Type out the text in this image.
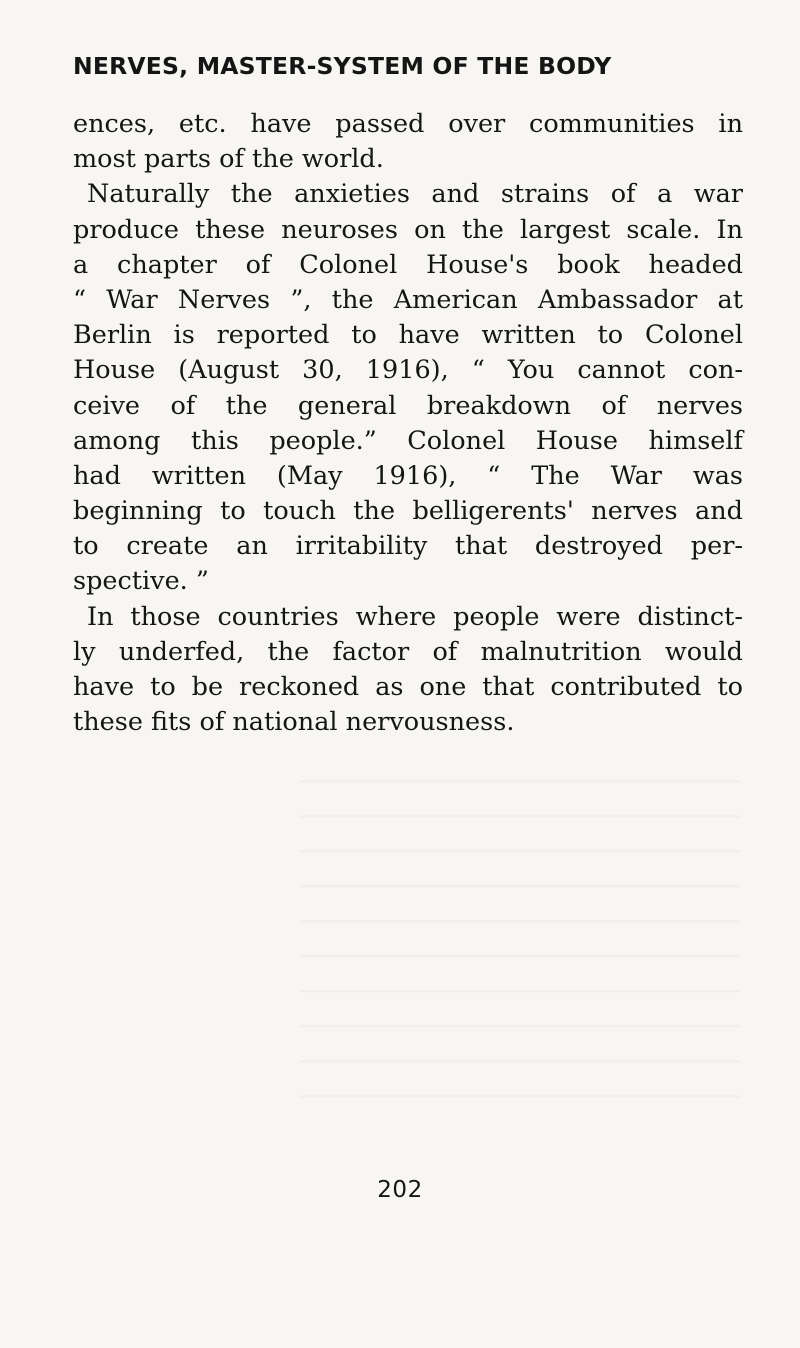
NERVES, MASTER-SYSTEM OF THE BODY
ences, etc. have passed over communities in
most parts of the world.
Naturally the anxieties and strains of a war
produce these neuroses on the largest scale. In
a chapter of Colonel House's book headed
“ War Nerves ”, the American Ambassador at
Berlin is reported to have written to Colonel
House (August 30, 1916), “ You cannot con-
ceive of the general breakdown of nerves
among this people.” Colonel House himself
had written (May 1916), “ The War was
beginning to touch the belligerents' nerves and
to create an irritability that destroyed per-
spective. ”
In those countries where people were distinct-
ly underfed, the factor of malnutrition would
have to be reckoned as one that contributed to
these fits of national nervousness.
202
